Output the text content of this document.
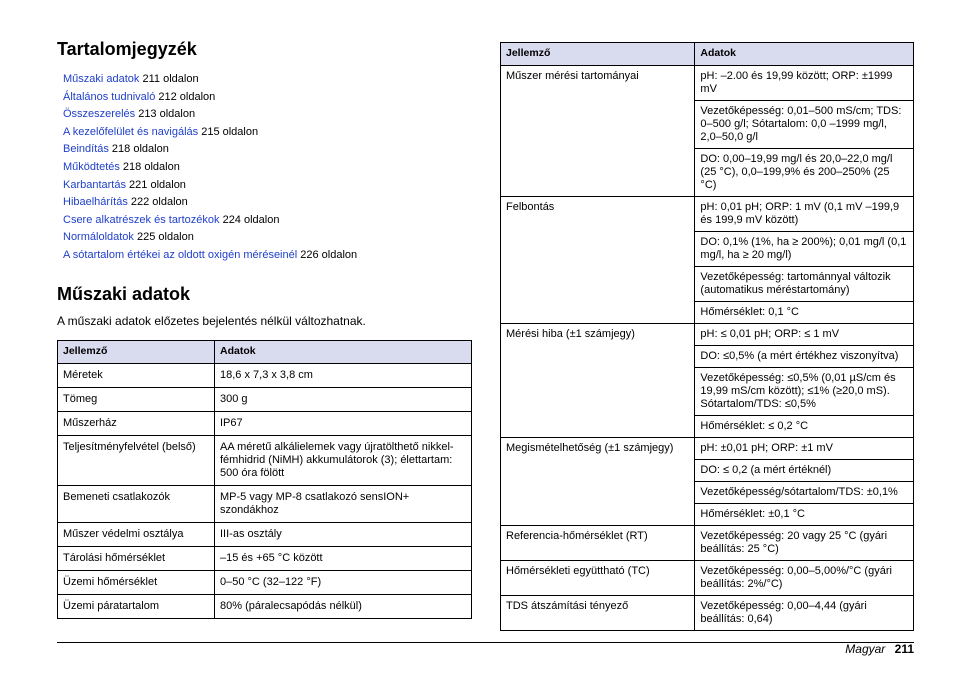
Tartalomjegyzék
Műszaki adatok 211 oldalon
Általános tudnivaló 212 oldalon
Összeszerelés 213 oldalon
A kezelőfelület és navigálás 215 oldalon
Beindítás 218 oldalon
Működtetés 218 oldalon
Karbantartás 221 oldalon
Hibaelhárítás 222 oldalon
Csere alkatrészek és tartozékok 224 oldalon
Normáloldatok 225 oldalon
A sótartalom értékei az oldott oxigén méréseinél 226 oldalon
Műszaki adatok

A műszaki adatok előzetes bejelentés nélkül változhatnak.

Jellemző	Adatok
Méretek	18,6 x 7,3 x 3,8 cm
Tömeg	300 g
Műszerház	IP67
Teljesítményfelvétel (belső)	AA méretű alkálielemek vagy újratölthető nikkel-fémhidrid (NiMH) akkumulátorok (3); élettartam: 500 óra fölött
Bemeneti csatlakozók	MP-5 vagy MP-8 csatlakozó sensION+ szondákhoz
Műszer védelmi osztálya	III-as osztály
Tárolási hőmérséklet	–15 és +65 °C között
Üzemi hőmérséklet	0–50 °C (32–122 °F)
Üzemi páratartalom	80% (páralecsapódás nélkül)
Jellemző	Adatok
Műszer mérési tartományai	pH: –2.00 és 19,99 között; ORP: ±1999 mV
	Vezetőképesség: 0,01–500 mS/cm; TDS: 0–500 g/l; Sótartalom: 0,0 –1999 mg/l, 2,0–50,0 g/l
	DO: 0,00–19,99 mg/l és 20,0–22,0 mg/l (25 °C), 0,0–199,9% és 200–250% (25 °C)
Felbontás	pH: 0,01 pH; ORP: 1 mV (0,1 mV –199,9 és 199,9 mV között)
	DO: 0,1% (1%, ha ≥ 200%); 0,01 mg/l (0,1 mg/l, ha ≥ 20 mg/l)
	Vezetőképesség: tartománnyal változik (automatikus méréstartomány)
	Hőmérséklet: 0,1 °C
Mérési hiba (±1 számjegy)	pH: ≤ 0,01 pH; ORP: ≤ 1 mV
	DO: ≤0,5% (a mért értékhez viszonyítva)
	Vezetőképesség: ≤0,5% (0,01 µS/cm és 19,99 mS/cm között); ≤1% (≥20,0 mS). Sótartalom/TDS: ≤0,5%
	Hőmérséklet: ≤ 0,2 °C
Megismételhetőség (±1 számjegy)	pH: ±0,01 pH; ORP: ±1 mV
	DO: ≤ 0,2 (a mért értéknél)
	Vezetőképesség/sótartalom/TDS: ±0,1%
	Hőmérséklet: ±0,1 °C
Referencia-hőmérséklet (RT)	Vezetőképesség: 20 vagy 25 °C (gyári beállítás: 25 °C)
Hőmérsékleti együttható (TC)	Vezetőképesség: 0,00–5,00%/°C (gyári beállítás: 2%/°C)
TDS átszámítási tényező	Vezetőképesség: 0,00–4,44 (gyári beállítás: 0,64)
Magyar 211
